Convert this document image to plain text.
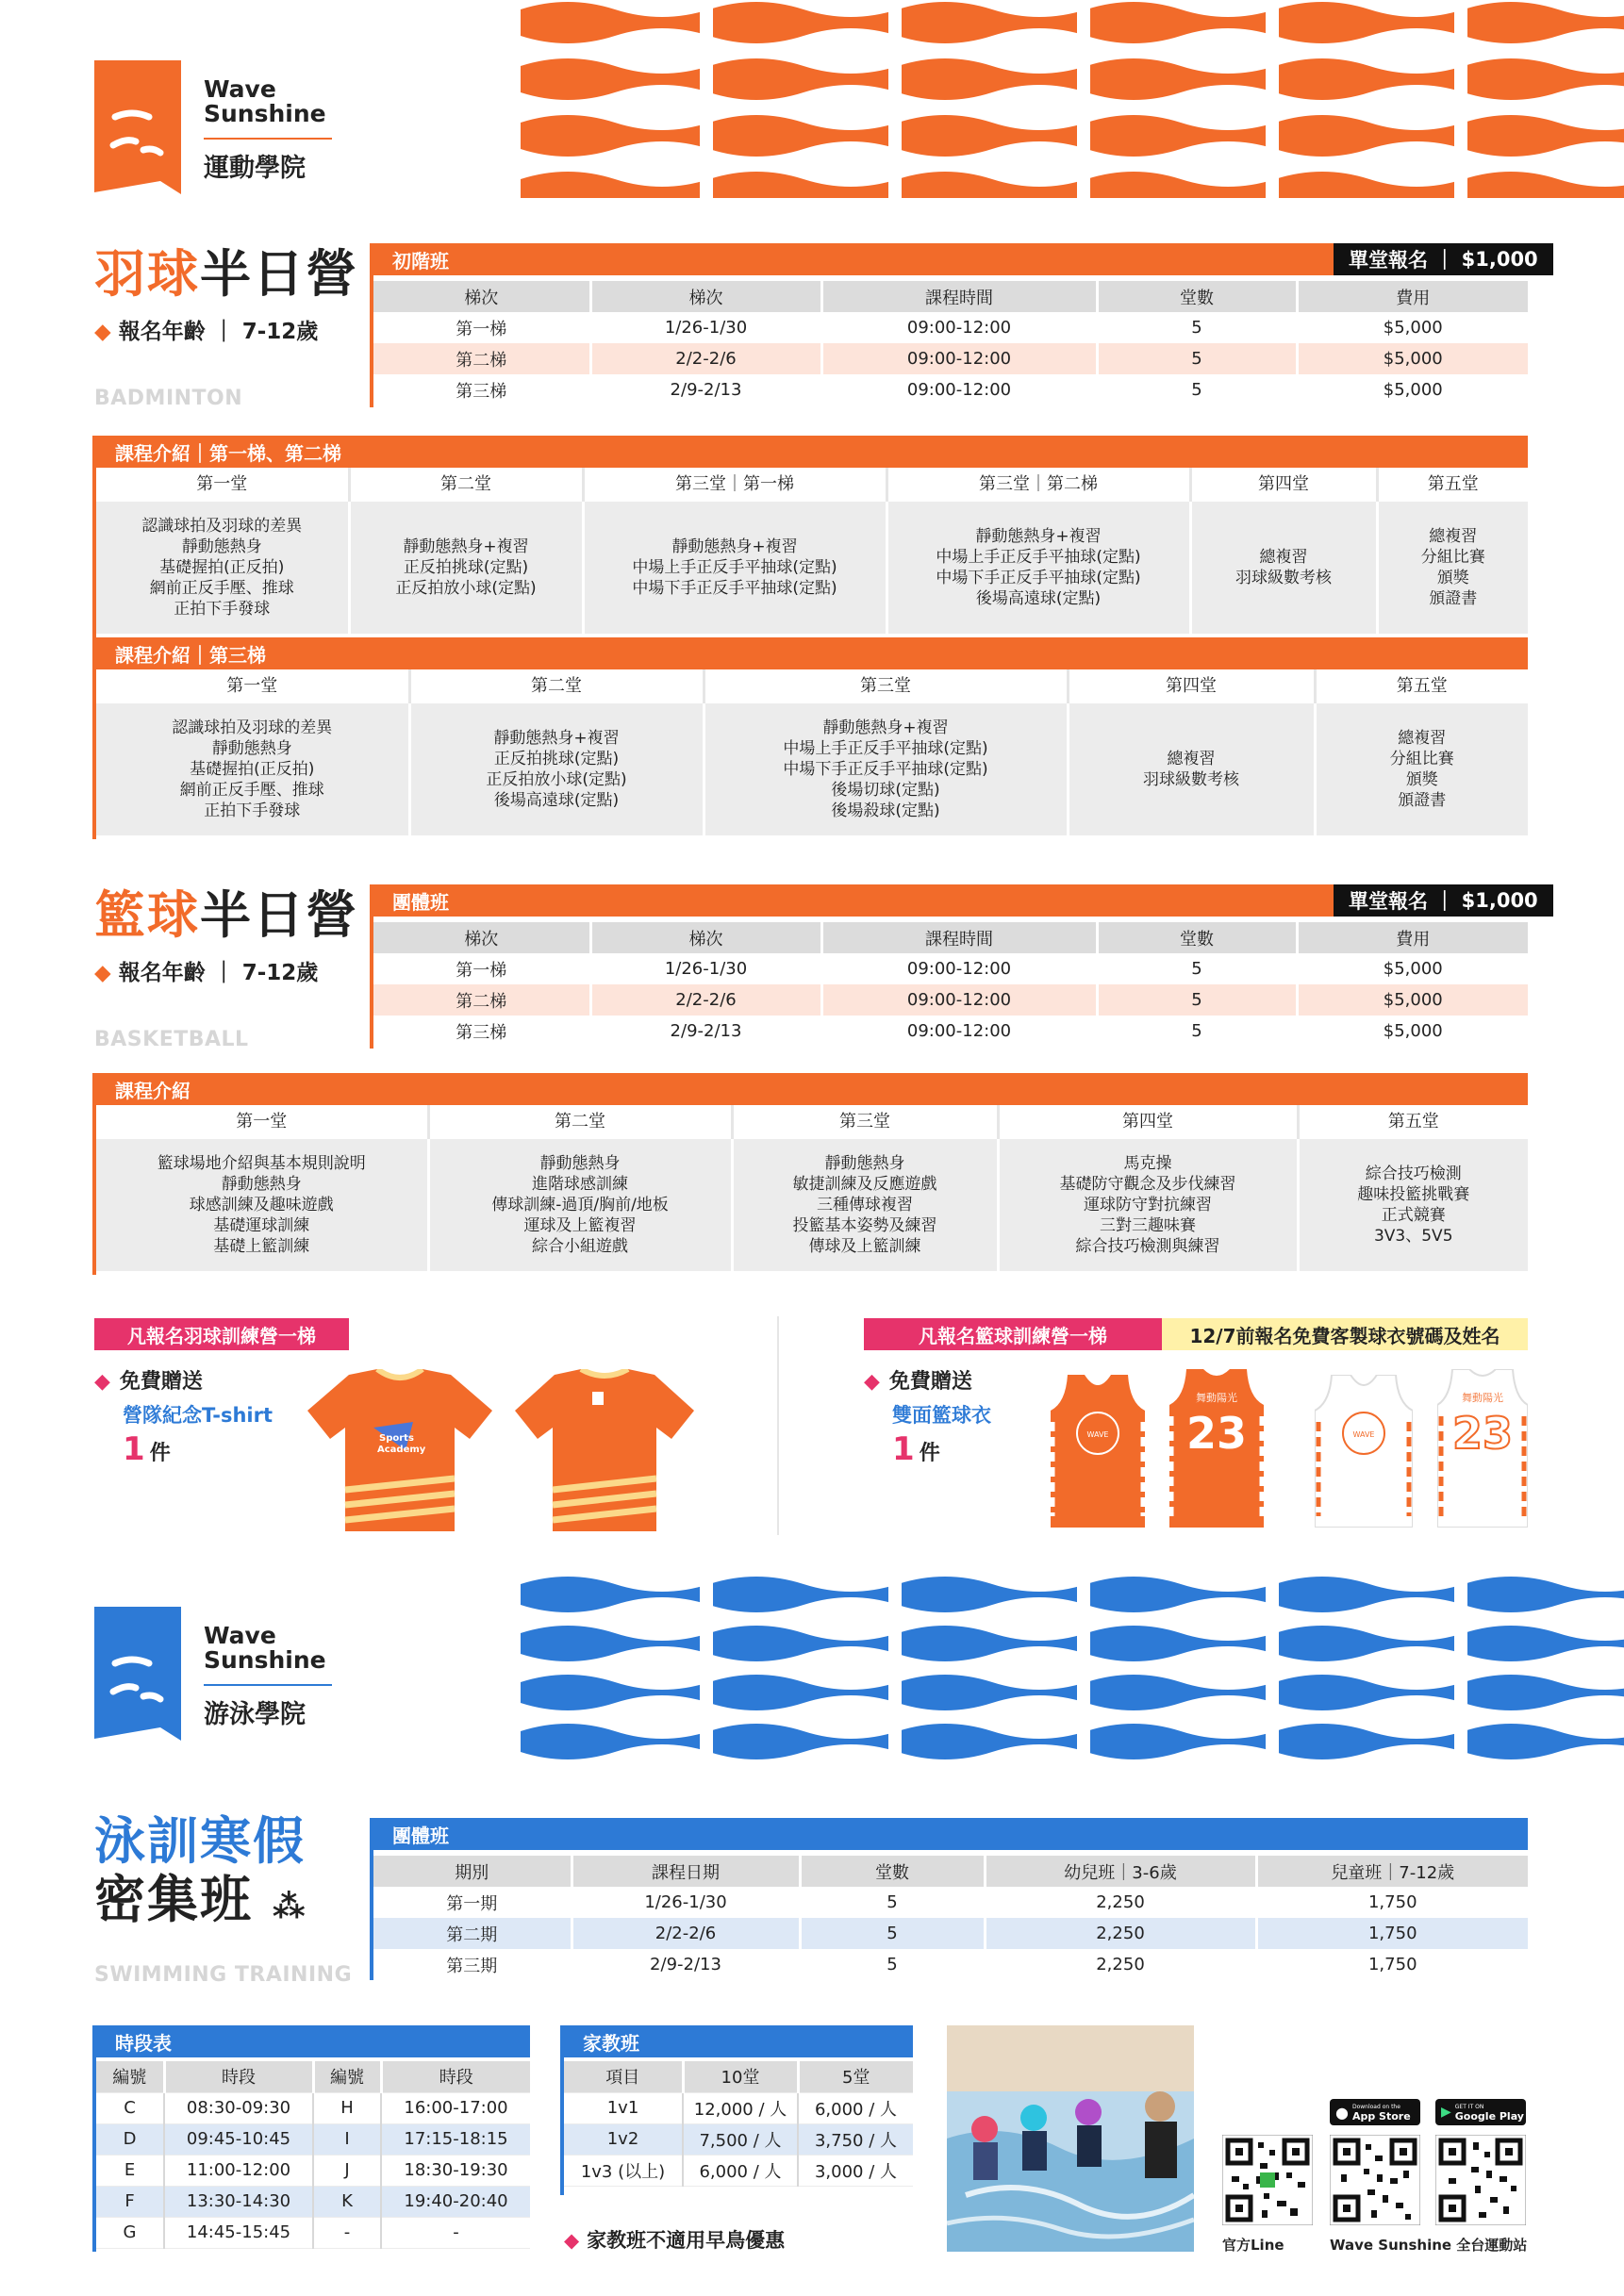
Wave
Sunshine
運動學院
羽球半日營
◆ 報名年齡 ｜ 7-12歲
BADMINTON
初階班	單堂報名 ｜ $1,000
梯次	梯次	課程時間	堂數	費用
第一梯	1/26-1/30	09:00-12:00	5	$5,000
第二梯	2/2-2/6	09:00-12:00	5	$5,000
第三梯	2/9-2/13	09:00-12:00	5	$5,000
課程介紹｜第一梯、第二梯
第一堂	第二堂	第三堂｜第一梯	第三堂｜第二梯	第四堂	第五堂
認識球拍及羽球的差異
靜動態熱身
基礎握拍(正反拍)
網前正反手壓、推球
正拍下手發球	靜動態熱身+複習
正反拍挑球(定點)
正反拍放小球(定點)	靜動態熱身+複習
中場上手正反手平抽球(定點)
中場下手正反手平抽球(定點)	靜動態熱身+複習
中場上手正反手平抽球(定點)
中場下手正反手平抽球(定點)
後場高遠球(定點)	總複習
羽球級數考核	總複習
分組比賽
頒獎
頒證書
課程介紹｜第三梯
第一堂	第二堂	第三堂	第四堂	第五堂
認識球拍及羽球的差異
靜動態熱身
基礎握拍(正反拍)
網前正反手壓、推球
正拍下手發球	靜動態熱身+複習
正反拍挑球(定點)
正反拍放小球(定點)
後場高遠球(定點)	靜動態熱身+複習
中場上手正反手平抽球(定點)
中場下手正反手平抽球(定點)
後場切球(定點)
後場殺球(定點)	總複習
羽球級數考核	總複習
分組比賽
頒獎
頒證書
籃球半日營
◆ 報名年齡 ｜ 7-12歲
BASKETBALL
團體班	單堂報名 ｜ $1,000
梯次	梯次	課程時間	堂數	費用
第一梯	1/26-1/30	09:00-12:00	5	$5,000
第二梯	2/2-2/6	09:00-12:00	5	$5,000
第三梯	2/9-2/13	09:00-12:00	5	$5,000
課程介紹
第一堂	第二堂	第三堂	第四堂	第五堂
籃球場地介紹與基本規則說明
靜動態熱身
球感訓練及趣味遊戲
基礎運球訓練
基礎上籃訓練	靜動態熱身
進階球感訓練
傳球訓練-過頂/胸前/地板
運球及上籃複習
綜合小組遊戲	靜動態熱身
敏捷訓練及反應遊戲
三種傳球複習
投籃基本姿勢及練習
傳球及上籃訓練	馬克操
基礎防守觀念及步伐練習
運球防守對抗練習
三對三趣味賽
綜合技巧檢測與練習	綜合技巧檢測
趣味投籃挑戰賽
正式競賽
3V3、5V5
凡報名羽球訓練營一梯
◆ 免費贈送
營隊紀念T-shirt
1 件
Sports
Academy
凡報名籃球訓練營一梯	12/7前報名免費客製球衣號碼及姓名
◆ 免費贈送
雙面籃球衣
1 件
WAVE
舞動陽光
23	WAVE
舞動陽光
23
Wave
Sunshine
游泳學院
泳訓寒假
密集班 ⁂
SWIMMING TRAINING
團體班
期別	課程日期	堂數	幼兒班｜3-6歲	兒童班｜7-12歲
第一期	1/26-1/30	5	2,250	1,750
第二期	2/2-2/6	5	2,250	1,750
第三期	2/9-2/13	5	2,250	1,750
時段表
編號	時段	編號	時段
C	08:30-09:30	H	16:00-17:00
D	09:45-10:45	I	17:15-18:15
E	11:00-12:00	J	18:30-19:30
F	13:30-14:30	K	19:40-20:40
G	14:45-15:45	-	-
家教班
項目	10堂	5堂
1v1	12,000 / 人	6,000 / 人
1v2	7,500 / 人	3,750 / 人
1v3 (以上)	6,000 / 人	3,000 / 人
◆ 家教班不適用早鳥優惠
● Download on the
App Store ▶ GET IT ON
Google Play
官方Line	Wave Sunshine 全台運動站
